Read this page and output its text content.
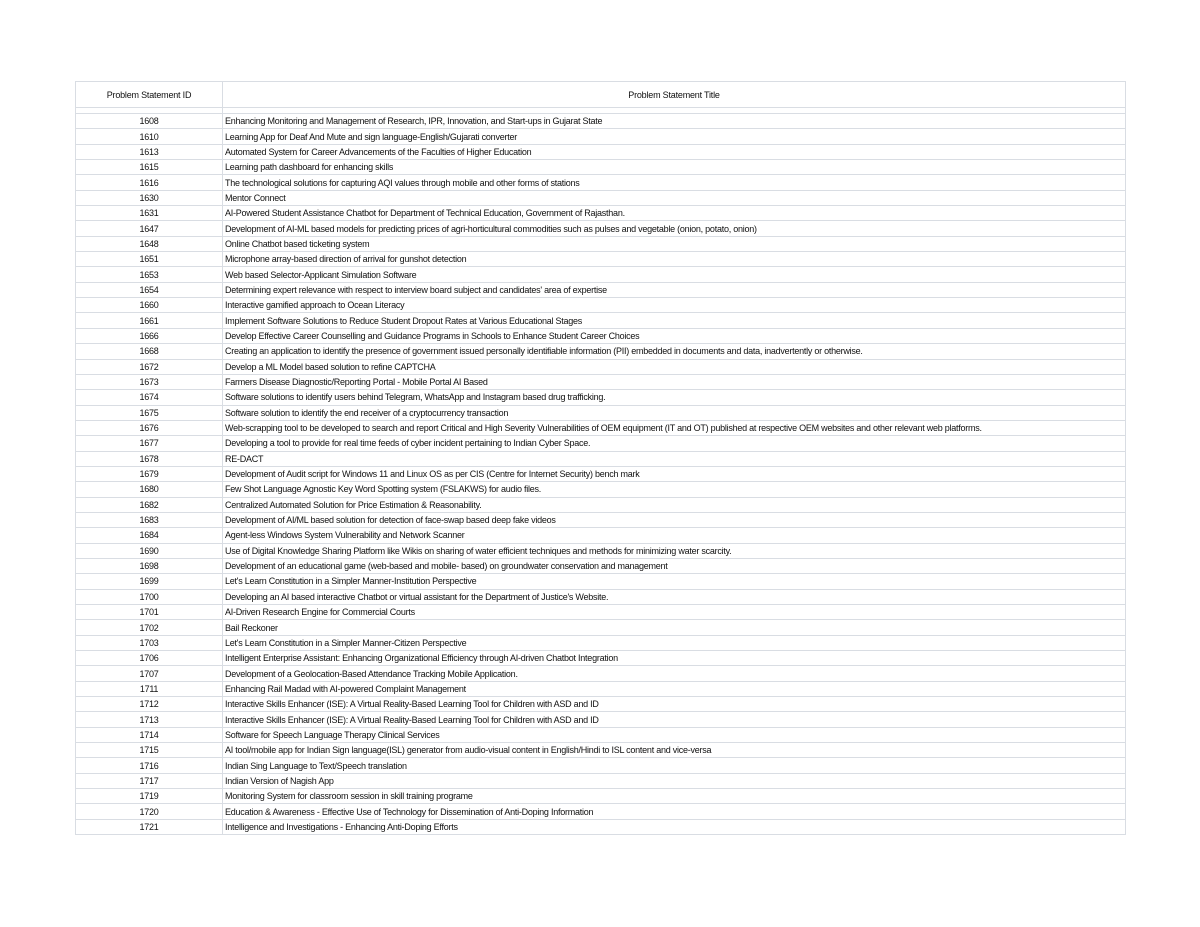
Problem Statement ID	Problem Statement Title

1608	Enhancing Monitoring and Management of Research, IPR, Innovation, and Start-ups in Gujarat State
1610	Learning App for Deaf And Mute and sign language-English/Gujarati converter
1613	Automated System for Career Advancements of the Faculties of Higher Education
1615	Learning path dashboard for enhancing skills
1616	The technological solutions for capturing AQI values through mobile and other forms of stations
1630	Mentor Connect
1631	AI-Powered Student Assistance Chatbot for Department of Technical Education, Government of Rajasthan.
1647	Development of AI-ML based models for predicting prices of agri-horticultural commodities such as pulses and vegetable (onion, potato, onion)
1648	Online Chatbot based ticketing system
1651	Microphone array-based direction of arrival for gunshot detection
1653	Web based Selector-Applicant Simulation Software
1654	Determining expert relevance with respect to interview board subject and candidates' area of expertise
1660	Interactive gamified approach to Ocean Literacy
1661	Implement Software Solutions to Reduce Student Dropout Rates at Various Educational Stages
1666	Develop Effective Career Counselling and Guidance Programs in Schools to Enhance Student Career Choices
1668	Creating an application to identify the presence of government issued personally identifiable information (PII) embedded in documents and data, inadvertently or otherwise.
1672	Develop a ML Model based solution to refine CAPTCHA
1673	Farmers Disease Diagnostic/Reporting Portal - Mobile Portal AI Based
1674	Software solutions to identify users behind Telegram, WhatsApp and Instagram based drug trafficking.
1675	Software solution to identify the end receiver of a cryptocurrency transaction
1676	Web-scrapping tool to be developed to search and report Critical and High Severity Vulnerabilities of OEM equipment (IT and OT) published at respective OEM websites and other relevant web platforms.
1677	Developing a tool to provide for real time feeds of cyber incident pertaining to Indian Cyber Space.
1678	RE-DACT
1679	Development of Audit script for Windows 11 and Linux OS as per CIS (Centre for Internet Security) bench mark
1680	Few Shot Language Agnostic Key Word Spotting system (FSLAKWS) for audio files.
1682	Centralized Automated Solution for Price Estimation & Reasonability.
1683	Development of AI/ML based solution for detection of face-swap based deep fake videos
1684	Agent-less Windows System Vulnerability and Network Scanner
1690	Use of Digital Knowledge Sharing Platform like Wikis on sharing of water efficient techniques and methods for minimizing water scarcity.
1698	Development of an educational game (web-based and mobile- based) on groundwater conservation and management
1699	Let's Learn Constitution in a Simpler Manner-Institution Perspective
1700	Developing an AI based interactive Chatbot or virtual assistant for the Department of Justice's Website.
1701	AI-Driven Research Engine for Commercial Courts
1702	Bail Reckoner
1703	Let's Learn Constitution in a Simpler Manner-Citizen Perspective
1706	Intelligent Enterprise Assistant: Enhancing Organizational Efficiency through AI-driven Chatbot Integration
1707	Development of a Geolocation-Based Attendance Tracking Mobile Application.
1711	Enhancing Rail Madad with AI-powered Complaint Management
1712	Interactive Skills Enhancer (ISE): A Virtual Reality-Based Learning Tool for Children with ASD and ID
1713	Interactive Skills Enhancer (ISE): A Virtual Reality-Based Learning Tool for Children with ASD and ID
1714	Software for Speech Language Therapy Clinical Services
1715	AI tool/mobile app for Indian Sign language(ISL) generator from audio-visual content in English/Hindi to ISL content and vice-versa
1716	Indian Sing Language to Text/Speech translation
1717	Indian Version of Nagish App
1719	Monitoring System for classroom session in skill training programe
1720	Education & Awareness - Effective Use of Technology for Dissemination of Anti-Doping Information
1721	Intelligence and Investigations - Enhancing Anti-Doping Efforts
